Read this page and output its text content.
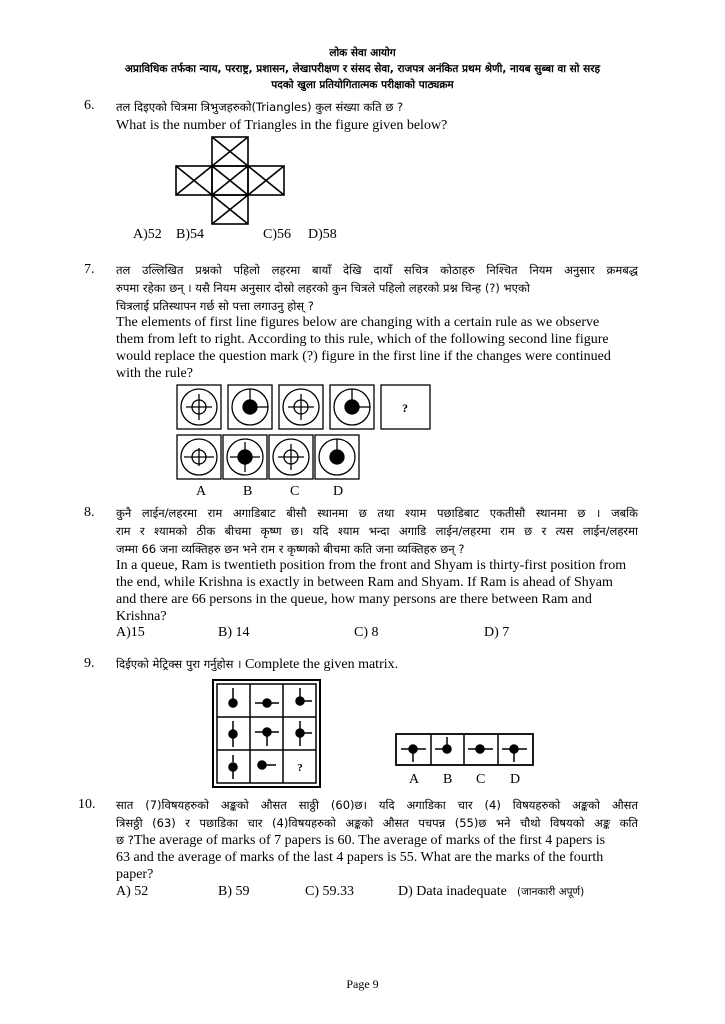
लोक सेवा आयोग
अप्राविधिक तर्फका न्याय, परराष्ट्र, प्रशासन, लेखापरीक्षण र संसद सेवा, राजपत्र अनंकित प्रथम श्रेणी, नायब सुब्बा वा सो सरह
पदको खुला प्रतियोगितात्मक परीक्षाको पाठ्यक्रम
6. तल दिइएको चित्रमा त्रिभुजहरुको(Triangles) कुल संख्या कति छ ?
What is the number of Triangles in the figure given below?
A)52 B)54	C)56 D)58
7. तल उल्लिखित प्रश्नको पहिलो लहरमा बायाँ देखि दायाँ सचित्र कोठाहरु निश्चित नियम अनुसार क्रमबद्ध
रुपमा रहेका छन् । यसै नियम अनुसार दोस्रो लहरको कुन चित्रले पहिलो लहरको प्रश्न चिन्ह (?) भएको
चित्रलाई प्रतिस्थापन गर्छ सो पत्ता लगाउनु होस् ?
The elements of first line figures below are changing with a certain rule as we observe
them from left to right. According to this rule, which of the following second line figure
would replace the question mark (?) figure in the first line if the changes were continued
with the rule?
?
A	B	C D
8. कुनै लाईन/लहरमा राम अगाडिबाट बीसौ स्थानमा छ तथा श्याम पछाडिबाट एकतीसौ स्थानमा छ । जबकि
राम र श्यामको ठीक बीचमा कृष्ण छ। यदि श्याम भन्दा अगाडि लाईन/लहरमा राम छ र त्यस लाईन/लहरमा
जम्मा 66 जना व्यक्तिहरु छन भने राम र कृष्णको बीचमा कति जना व्यक्तिहरु छन् ?
In a queue, Ram is twentieth position from the front and Shyam is thirty-first position from
the end, while Krishna is exactly in between Ram and Shyam. If Ram is ahead of Shyam
and there are 66 persons in the queue, how many persons are there between Ram and
Krishna?
A)15	B) 14	C) 8	D) 7
9. दिईएको मेट्रिक्स पुरा गर्नुहोस । Complete the given matrix.
?
A B C D
10. सात (7)विषयहरुको अङ्कको औसत साठ्ठी (60)छ। यदि अगाडिका चार (4) विषयहरुको अङ्कको औसत
त्रिसठ्ठी (63) र पछाडिका चार (4)विषयहरुको अङ्कको औसत पचपन्न (55)छ भने चौथो विषयको अङ्क कति
छ ?The average of marks of 7 papers is 60. The average of marks of the first 4 papers is
63 and the average of marks of the last 4 papers is 55. What are the marks of the fourth
paper?
A) 52	B) 59	C) 59.33	D) Data inadequate (जानकारी अपूर्ण)
Page 9
